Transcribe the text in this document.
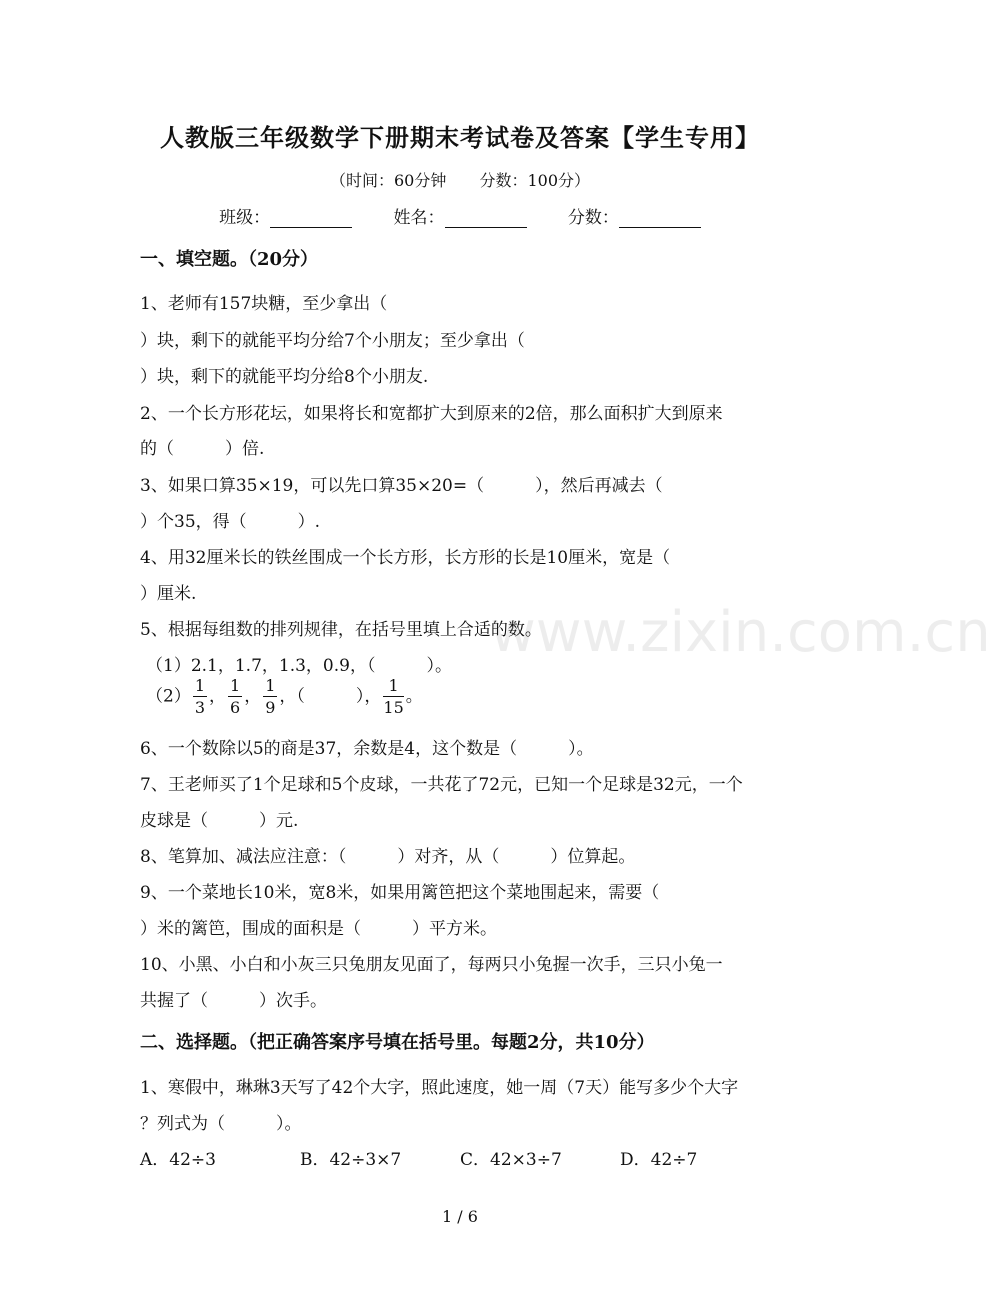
www.zixin.com.cn
人教版三年级数学下册期末考试卷及答案【学生专用】
（时间：60分钟 分数：100分）
班级：	姓名：	分数：
一、填空题。（20分）
1、老师有157块糖，至少拿出（
）块，剩下的就能平均分给7个小朋友；至少拿出（
）块，剩下的就能平均分给8个小朋友.
2、一个长方形花坛，如果将长和宽都扩大到原来的2倍，那么面积扩大到原来
的（　　　）倍.
3、如果口算35×19，可以先口算35×20=（　　　），然后再减去（
）个35，得（　　　）.
4、用32厘米长的铁丝围成一个长方形，长方形的长是10厘米，宽是（
）厘米.
5、根据每组数的排列规律，在括号里填上合适的数。
（1）2.1，1.7，1.3，0.9，（　　　）。
$(2) \frac{1}{3}$ ， $\frac{1}{6}$ ， $\frac{1}{9}$ ，（　　　）， $\frac{1}{15}$ 。
6、一个数除以5的商是37，余数是4，这个数是（　　　）。
7、王老师买了1个足球和5个皮球，一共花了72元，已知一个足球是32元，一个
皮球是（　　　）元.
8、笔算加、减法应注意：（　　　）对齐，从（　　　）位算起。
9、一个菜地长10米，宽8米，如果用篱笆把这个菜地围起来，需要（
）米的篱笆，围成的面积是（　　　）平方米。
10、小黑、小白和小灰三只兔朋友见面了，每两只小兔握一次手，三只小兔一
共握了（　　　）次手。
二、选择题。（把正确答案序号填在括号里。每题2分，共10分）
1、寒假中，琳琳3天写了42个大字，照此速度，她一周（7天）能写多少个大字
？列式为（　　　）。
A．42÷3	B．42÷3×7	C．42×3÷7	D．42÷7
1 / 6
